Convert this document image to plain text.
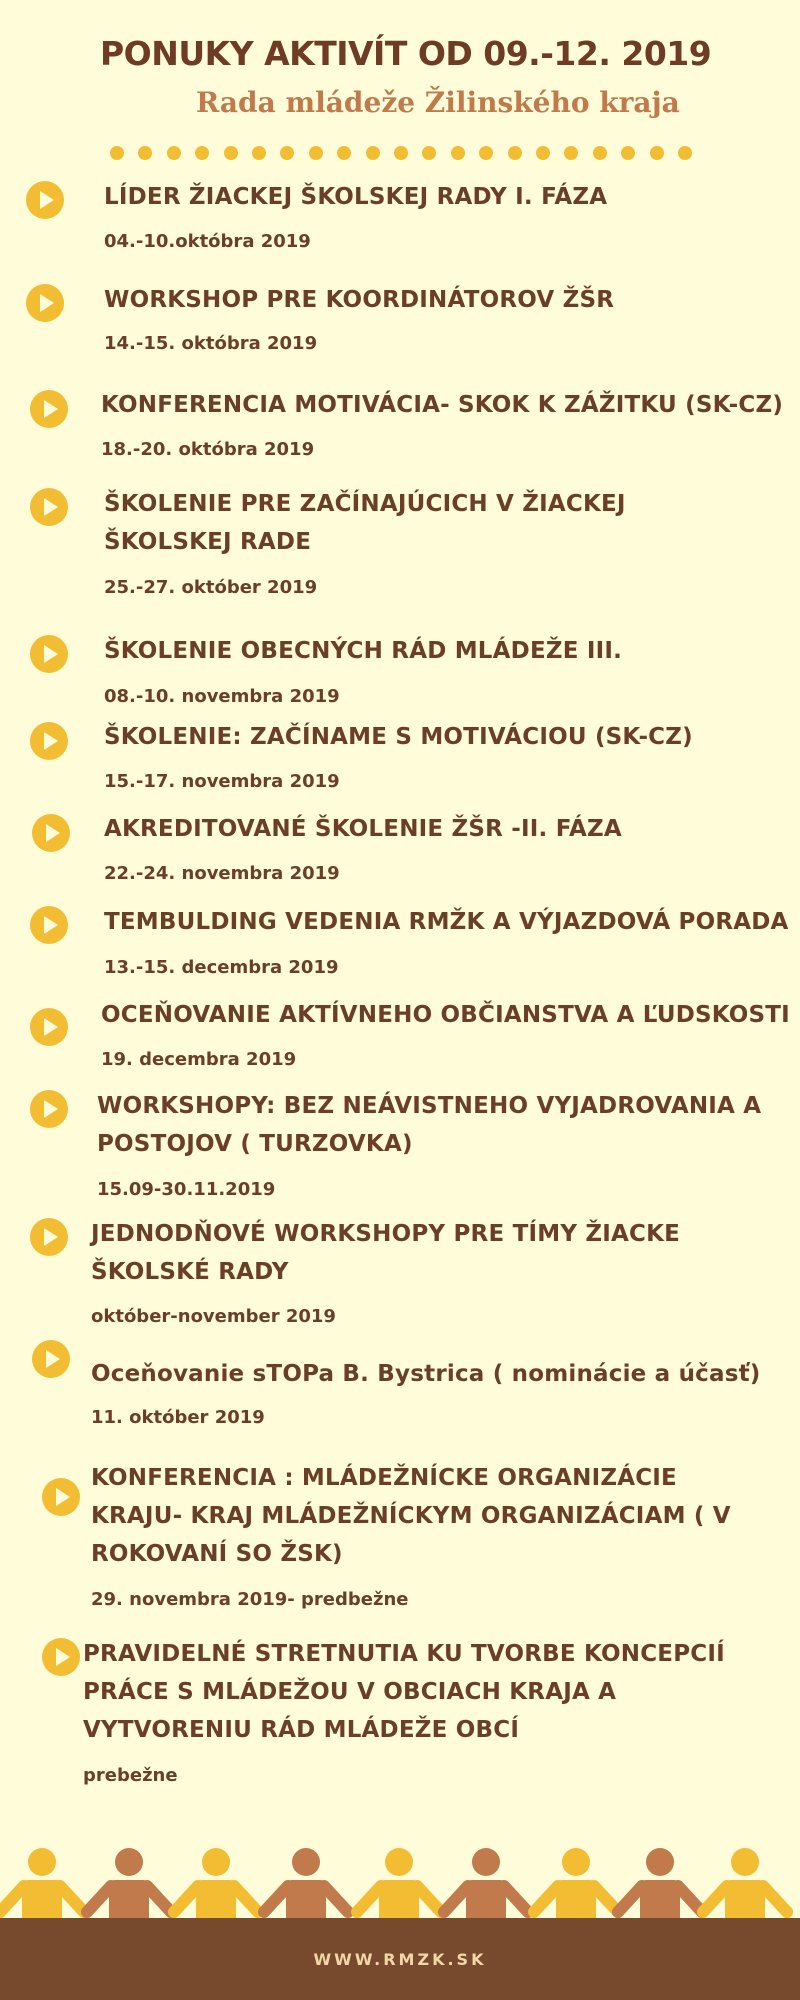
PONUKY AKTIVÍT OD 09.-12. 2019
Rada mládeže Žilinského kraja

LÍDER ŽIACKEJ ŠKOLSKEJ RADY I. FÁZA

04.-10.októbra 2019

WORKSHOP PRE KOORDINÁTOROV ŽŠR

14.-15. októbra 2019

KONFERENCIA MOTIVÁCIA- SKOK K ZÁŽITKU (SK-CZ)

18.-20. októbra 2019

ŠKOLENIE PRE ZAČÍNAJÚCICH V ŽIACKEJ ŠKOLSKEJ RADE

25.-27. október 2019

ŠKOLENIE OBECNÝCH RÁD MLÁDEŽE III.

08.-10. novembra 2019

ŠKOLENIE: ZAČÍNAME S MOTIVÁCIOU (SK-CZ)

15.-17. novembra 2019

AKREDITOVANÉ ŠKOLENIE ŽŠR -II. FÁZA

22.-24. novembra 2019

TEMBULDING VEDENIA RMŽK A VÝJAZDOVÁ PORADA

13.-15. decembra 2019

OCEŇOVANIE AKTÍVNEHO OBČIANSTVA A ĽUDSKOSTI

19. decembra 2019

WORKSHOPY: BEZ NEÁVISTNEHO VYJADROVANIA A POSTOJOV ( TURZOVKA)

15.09-30.11.2019

JEDNODŇOVÉ WORKSHOPY PRE TÍMY ŽIACKE ŠKOLSKÉ RADY

október-november 2019

Oceňovanie sTOPa B. Bystrica ( nominácie a účasť)

11. október 2019

KONFERENCIA : MLÁDEŽNÍCKE ORGANIZÁCIE KRAJU- KRAJ MLÁDEŽNÍCKYM ORGANIZÁCIAM ( V ROKOVANÍ SO ŽSK)

29. novembra 2019- predbežne

PRAVIDELNÉ STRETNUTIA KU TVORBE KONCEPCIÍ PRÁCE S MLÁDEŽOU V OBCIACH KRAJA A VYTVORENIU RÁD MLÁDEŽE OBCÍ

prebežne

WWW.RMZK.SK
